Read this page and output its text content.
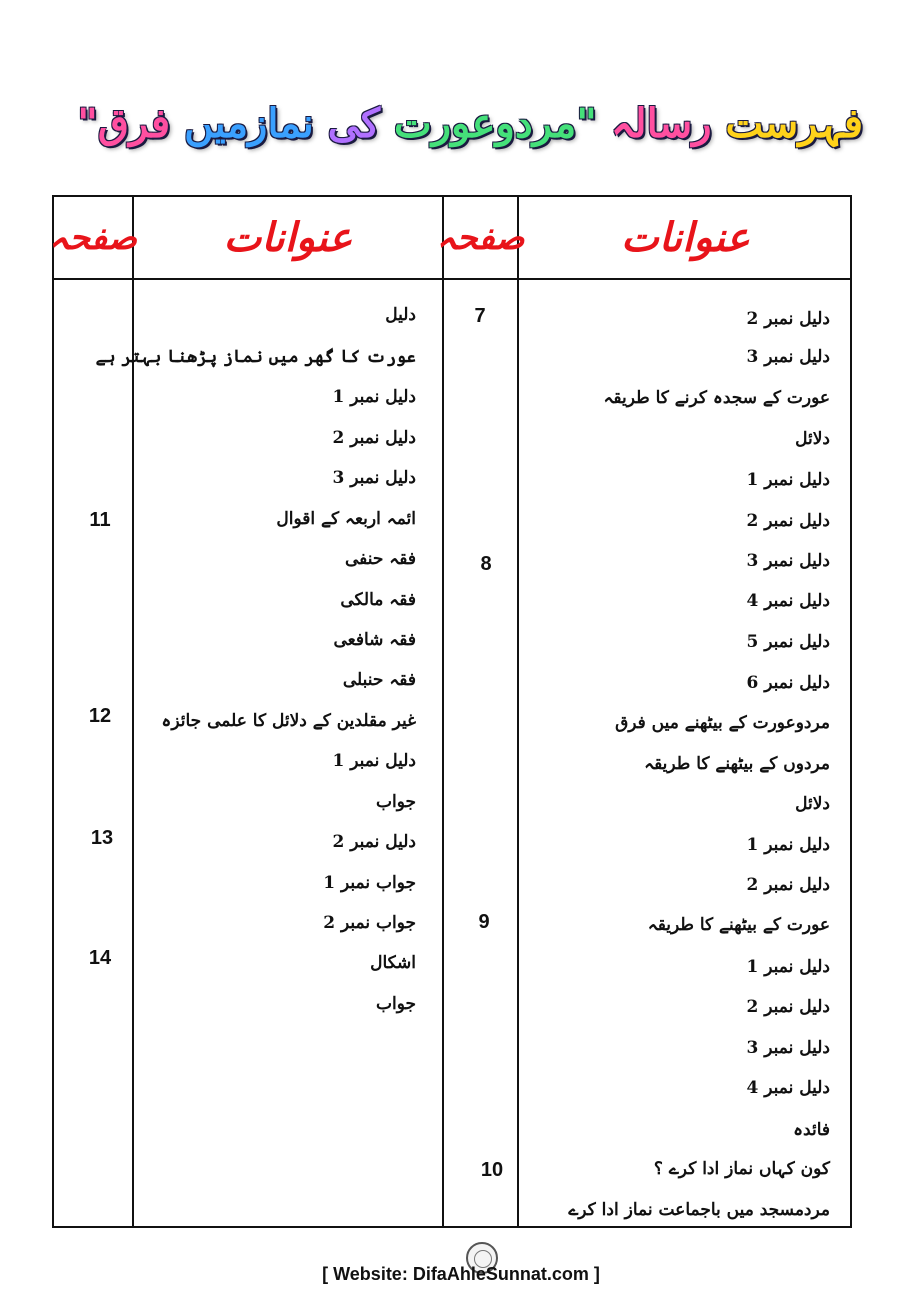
فہرست رسالہ "مردوعورت کی نمازمیں فرق"
عنوانات
صفحہ
عنوانات
صفحہ
دلیل نمبر 2
دلیل نمبر 3
عورت کے سجدہ کرنے کا طریقہ
دلائل
دلیل نمبر 1
دلیل نمبر 2
دلیل نمبر 3
دلیل نمبر 4
دلیل نمبر 5
دلیل نمبر 6
مردوعورت کے بیٹھنے میں فرق
مردوں کے بیٹھنے کا طریقہ
دلائل
دلیل نمبر 1
دلیل نمبر 2
عورت کے بیٹھنے کا طریقہ
دلیل نمبر 1
دلیل نمبر 2
دلیل نمبر 3
دلیل نمبر 4
فائدہ
کون کہاں نماز ادا کرے ؟
مردمسجد میں باجماعت نماز ادا کرے
7
8
9
10
دلیل
عورت کا گھر میں نماز پڑھنا بہتر ہے
دلیل نمبر 1
دلیل نمبر 2
دلیل نمبر 3
ائمہ اربعہ کے اقوال
فقہ حنفی
فقہ مالکی
فقہ شافعی
فقہ حنبلی
غیر مقلدین کے دلائل کا علمی جائزہ
دلیل نمبر 1
جواب
دلیل نمبر 2
جواب نمبر 1
جواب نمبر 2
اشکال
جواب
11
12
13
14
[ Website: DifaAhleSunnat.com ]
